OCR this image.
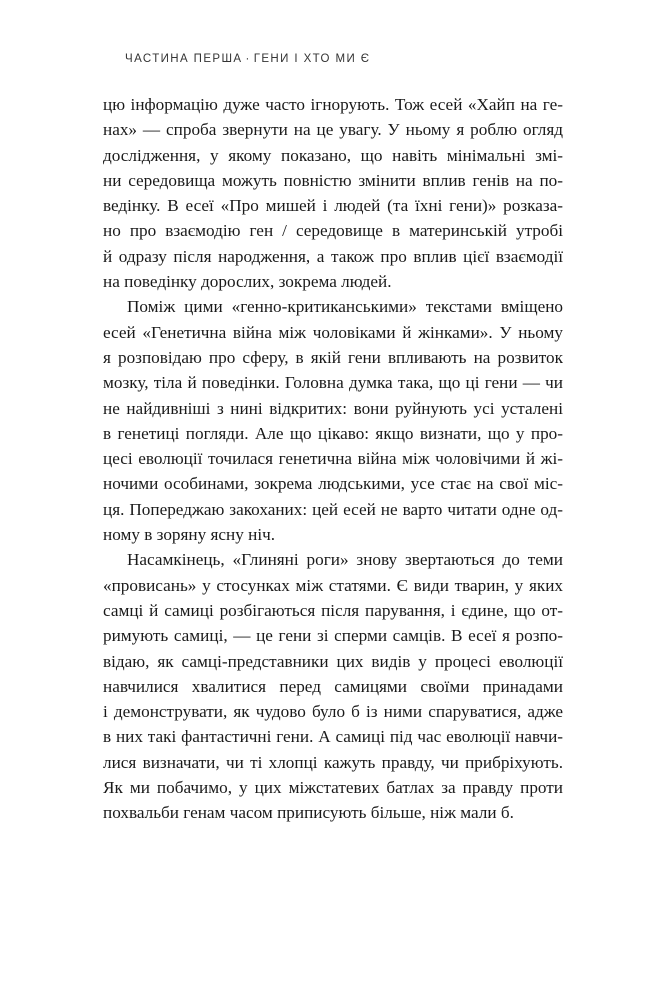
ЧАСТИНА ПЕРША · ГЕНИ І ХТО МИ Є
цю інформацію дуже часто ігнорують. Тож есей «Хайп на ге-
нах» — спроба звернути на це увагу. У ньому я роблю огляд
дослідження, у якому показано, що навіть мінімальні змі-
ни середовища можуть повністю змінити вплив генів на по-
ведінку. В есеї «Про мишей і людей (та їхні гени)» розказа-
но про взаємодію ген / середовище в материнській утробі
й одразу після народження, а також про вплив цієї взаємодії
на поведінку дорослих, зокрема людей.
Поміж цими «генно-критиканськими» текстами вміщено
есей «Генетична війна між чоловіками й жінками». У ньому
я розповідаю про сферу, в якій гени впливають на розвиток
мозку, тіла й поведінки. Головна думка така, що ці гени — чи
не найдивніші з нині відкритих: вони руйнують усі усталені
в генетиці погляди. Але що цікаво: якщо визнати, що у про-
цесі еволюції точилася генетична війна між чоловічими й жі-
ночими особинами, зокрема людськими, усе стає на свої міс-
ця. Попереджаю закоханих: цей есей не варто читати одне од-
ному в зоряну ясну ніч.
Насамкінець, «Глиняні роги» знову звертаються до теми
«провисань» у стосунках між статями. Є види тварин, у яких
самці й самиці розбігаються після парування, і єдине, що от-
римують самиці, — це гени зі сперми самців. В есеї я розпо-
відаю, як самці-представники цих видів у процесі еволюції
навчилися хвалитися перед самицями своїми принадами
і демонструвати, як чудово було б із ними спаруватися, адже
в них такі фантастичні гени. А самиці під час еволюції навчи-
лися визначати, чи ті хлопці кажуть правду, чи прибріхують.
Як ми побачимо, у цих міжстатевих батлах за правду проти
похвальби генам часом приписують більше, ніж мали б.
